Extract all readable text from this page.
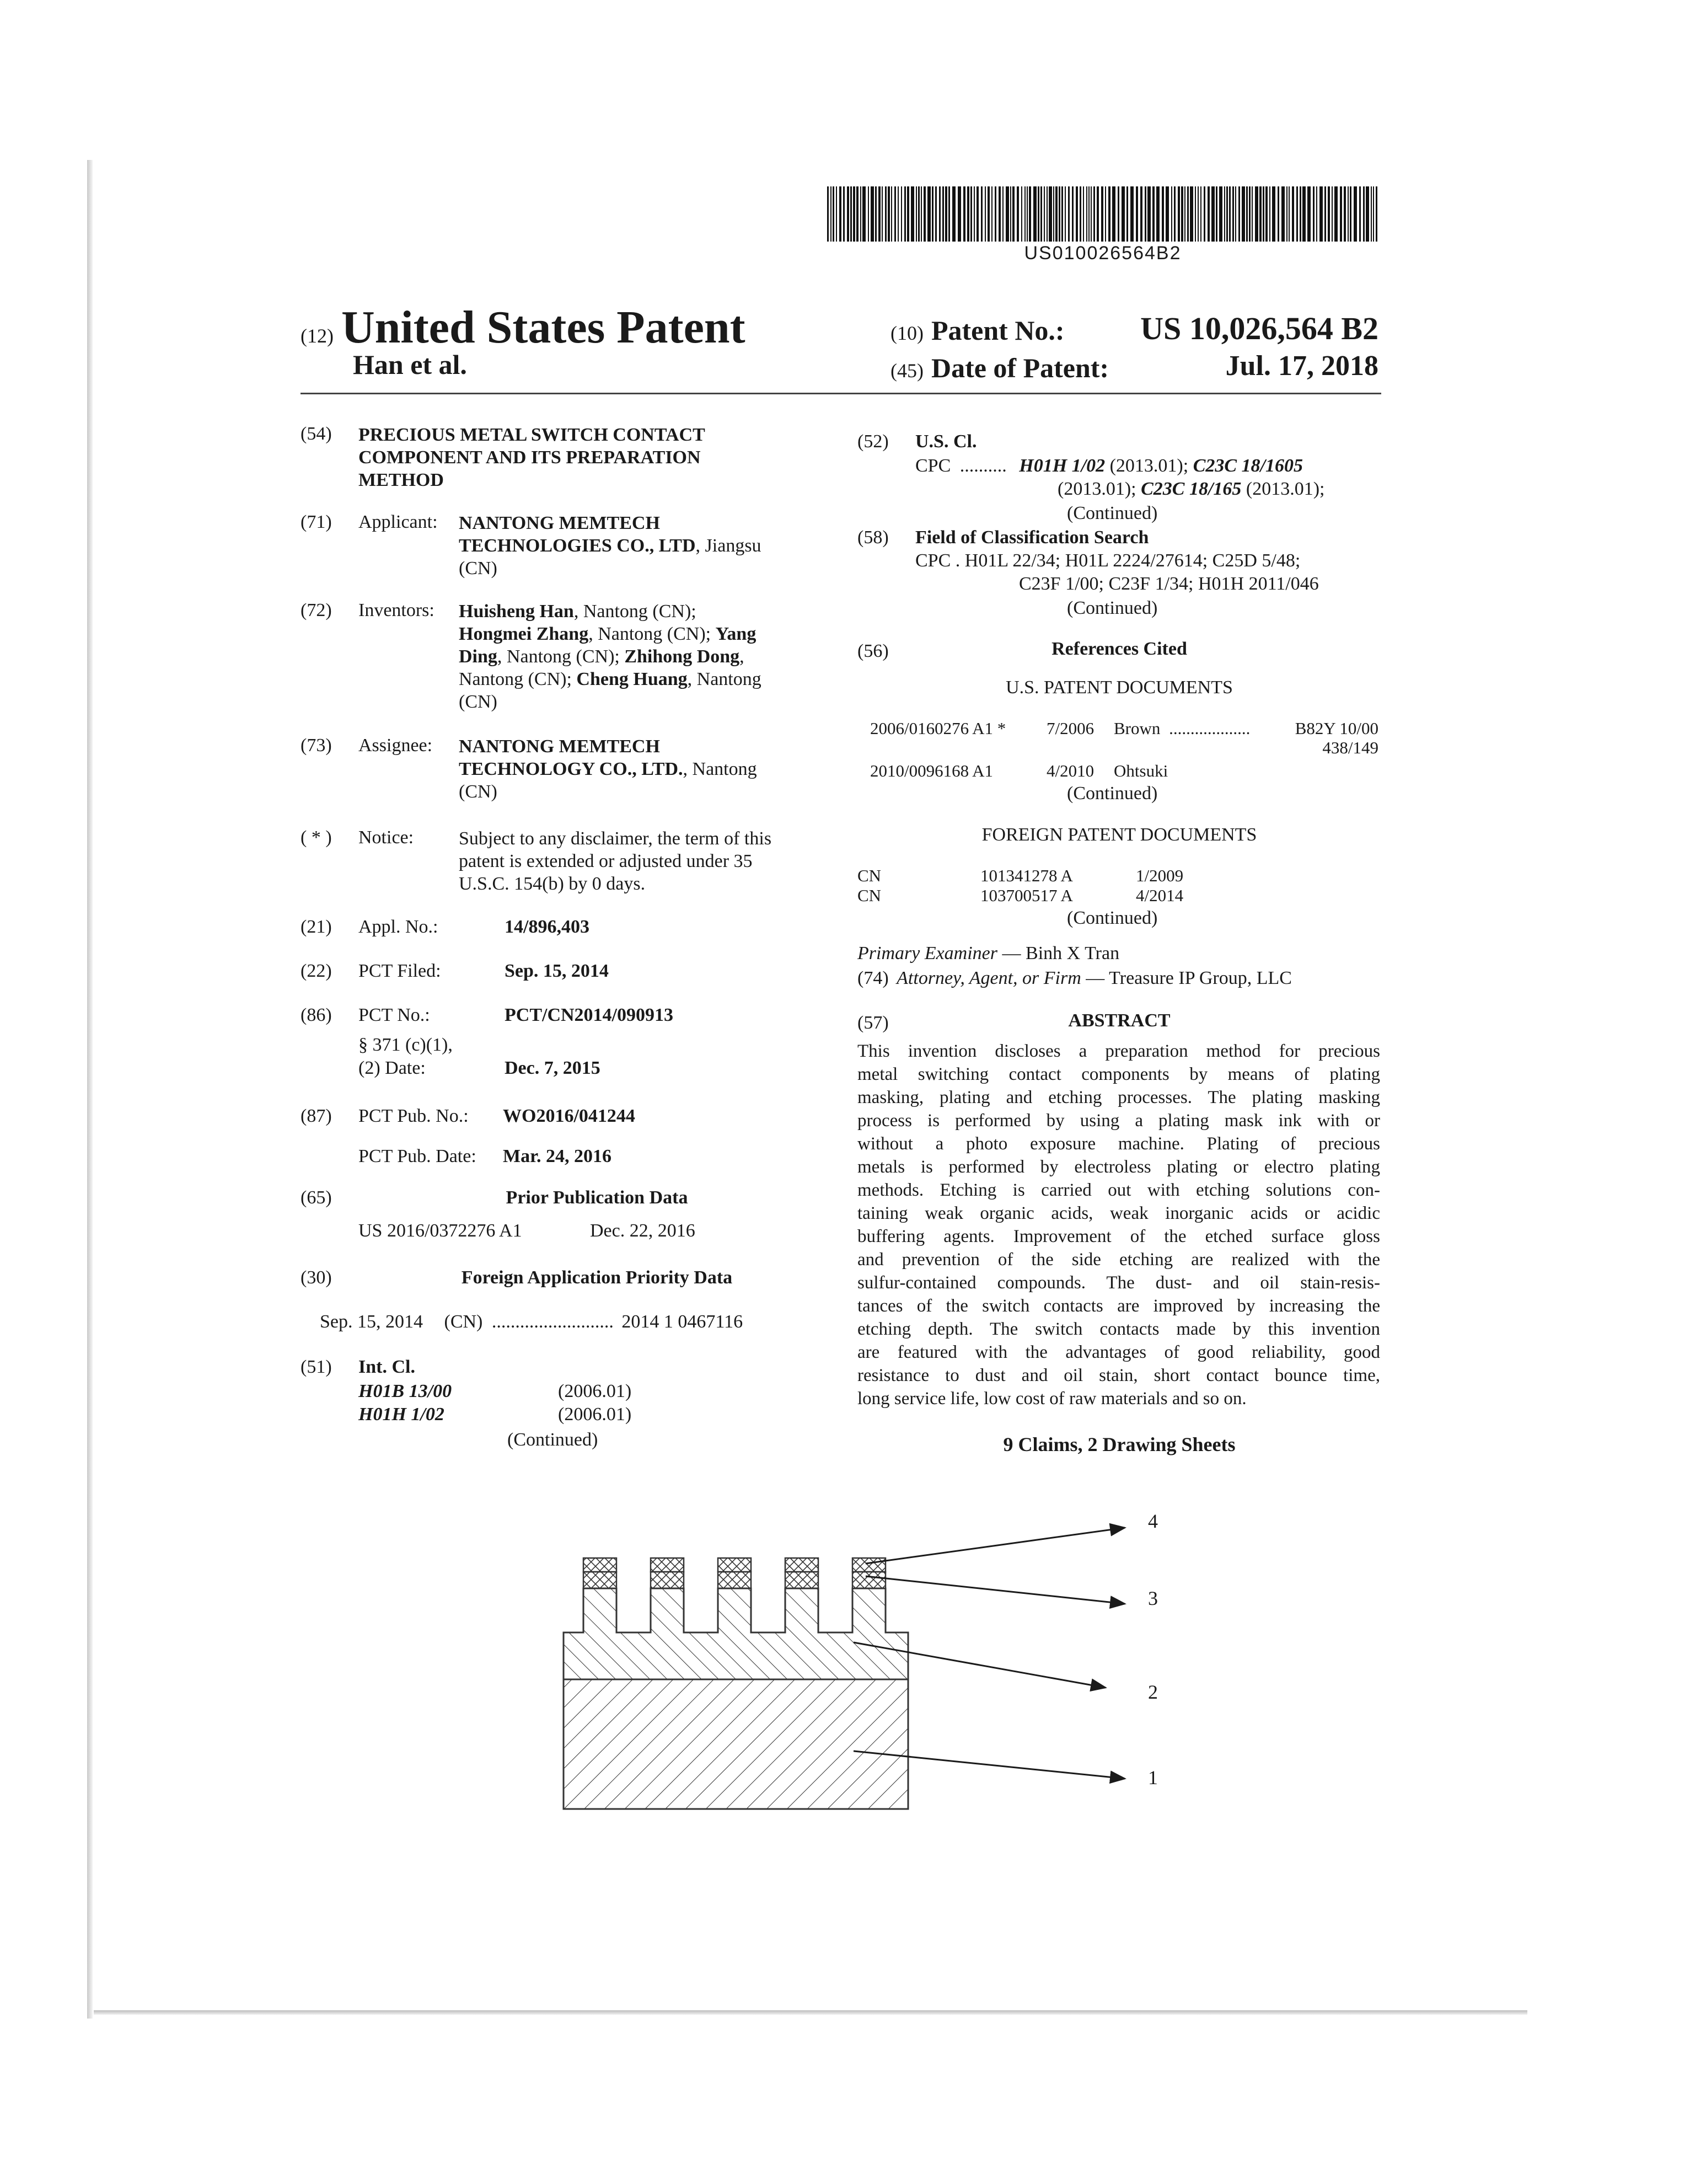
US010026564B2
(12) United States Patent
Han et al.
(10) Patent No.: US 10,026,564 B2
(45) Date of Patent:	Jul. 17, 2018
(54)	PRECIOUS METAL SWITCH CONTACT
COMPONENT AND ITS PREPARATION
METHOD
(71)	Applicant: NANTONG MEMTECH
TECHNOLOGIES CO., LTD, Jiangsu
(CN)
(72)	Inventors: Huisheng Han, Nantong (CN);
Hongmei Zhang, Nantong (CN); Yang
Ding, Nantong (CN); Zhihong Dong,
Nantong (CN); Cheng Huang, Nantong
(CN)
(73)	Assignee: NANTONG MEMTECH
TECHNOLOGY CO., LTD., Nantong
(CN)
( * )	Notice: Subject to any disclaimer, the term of this
patent is extended or adjusted under 35
U.S.C. 154(b) by 0 days.
(21)	Appl. No.:	14/896,403
(22)	PCT Filed:	Sep. 15, 2014
(86)	PCT No.:	PCT/CN2014/090913
§ 371 (c)(1),
(2) Date:	Dec. 7, 2015
(87)	PCT Pub. No.: WO2016/041244
PCT Pub. Date: Mar. 24, 2016
(65)	Prior Publication Data
US 2016/0372276 A1	Dec. 22, 2016
(30)	Foreign Application Priority Data
Sep. 15, 2014 (CN) .......................... 2014 1 0467116
(51)	Int. Cl.
H01B 13/00	(2006.01)
H01H 1/02	(2006.01)
(Continued)
(52)	U.S. Cl.
CPC .......... H01H 1/02 (2013.01); C23C 18/1605
(2013.01); C23C 18/165 (2013.01);
(Continued)
(58)	Field of Classification Search
CPC . H01L 22/34; H01L 2224/27614; C25D 5/48;
C23F 1/00; C23F 1/34; H01H 2011/046
(Continued)
(56)	References Cited
U.S. PATENT DOCUMENTS
2006/0160276 A1 * 7/2006 Brown ...................	B82Y 10/00
438/149
2010/0096168 A1	4/2010 Ohtsuki
(Continued)
FOREIGN PATENT DOCUMENTS
CN	101341278 A	1/2009
CN	103700517 A	4/2014
(Continued)
Primary Examiner — Binh X Tran
(74) Attorney, Agent, or Firm — Treasure IP Group, LLC
(57)	ABSTRACT
This invention discloses a preparation method for precious
metal switching contact components by means of plating
masking, plating and etching processes. The plating masking
process is performed by using a plating mask ink with or
without a photo exposure machine. Plating of precious
metals is performed by electroless plating or electro plating
methods. Etching is carried out with etching solutions con-
taining weak organic acids, weak inorganic acids or acidic
buffering agents. Improvement of the etched surface gloss
and prevention of the side etching are realized with the
sulfur-contained compounds. The dust- and oil stain-resis-
tances of the switch contacts are improved by increasing the
etching depth. The switch contacts made by this invention
are featured with the advantages of good reliability, good
resistance to dust and oil stain, short contact bounce time,
long service life, low cost of raw materials and so on.
9 Claims, 2 Drawing Sheets
4
3
2
1
